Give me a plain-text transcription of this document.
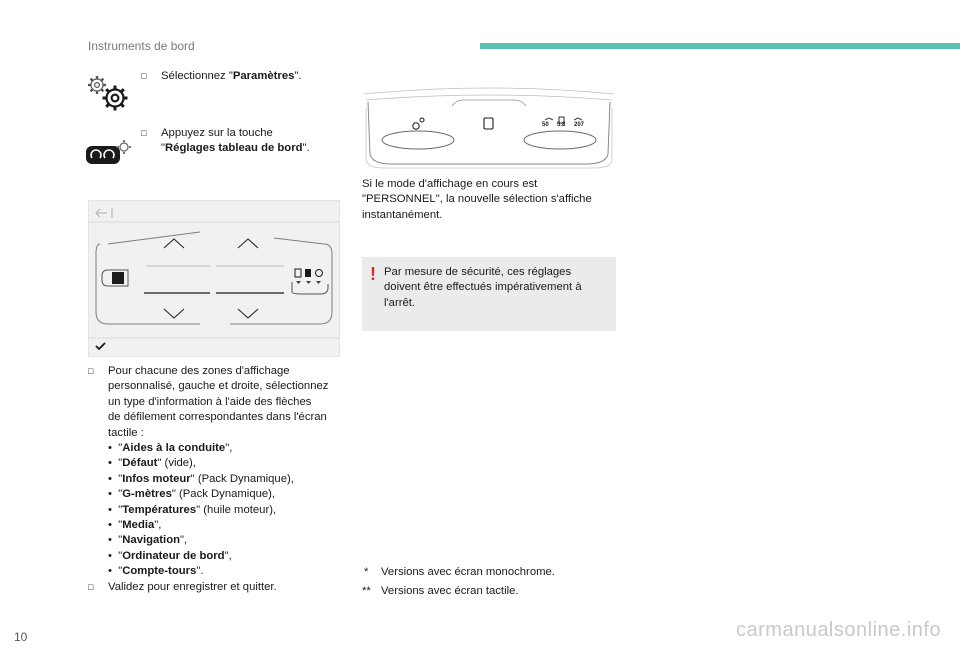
Instruments de bord
□ Sélectionnez "Paramètres".
□ Appuyez sur la touche
"Réglages tableau de bord".
□ Pour chacune des zones d'affichage
personnalisé, gauche et droite, sélectionnez
un type d'information à l'aide des flèches
de défilement correspondantes dans l'écran
tactile :
•  "Aides à la conduite",
•  "Défaut" (vide),
•  "Infos moteur" (Pack Dynamique),
•  "G-mètres" (Pack Dynamique),
•  "Températures" (huile moteur),
•  "Media",
•  "Navigation",
•  "Ordinateur de bord",
•  "Compte-tours".
□ Validez pour enregistrer et quitter.
50 5.8 207
Si le mode d'affichage en cours est
"PERSONNEL", la nouvelle sélection s'affiche
instantanément.
! Par mesure de sécurité, ces réglages
doivent être effectués impérativement à
l'arrêt.
* Versions avec écran monochrome.
** Versions avec écran tactile.
10	carmanualsonline.info
